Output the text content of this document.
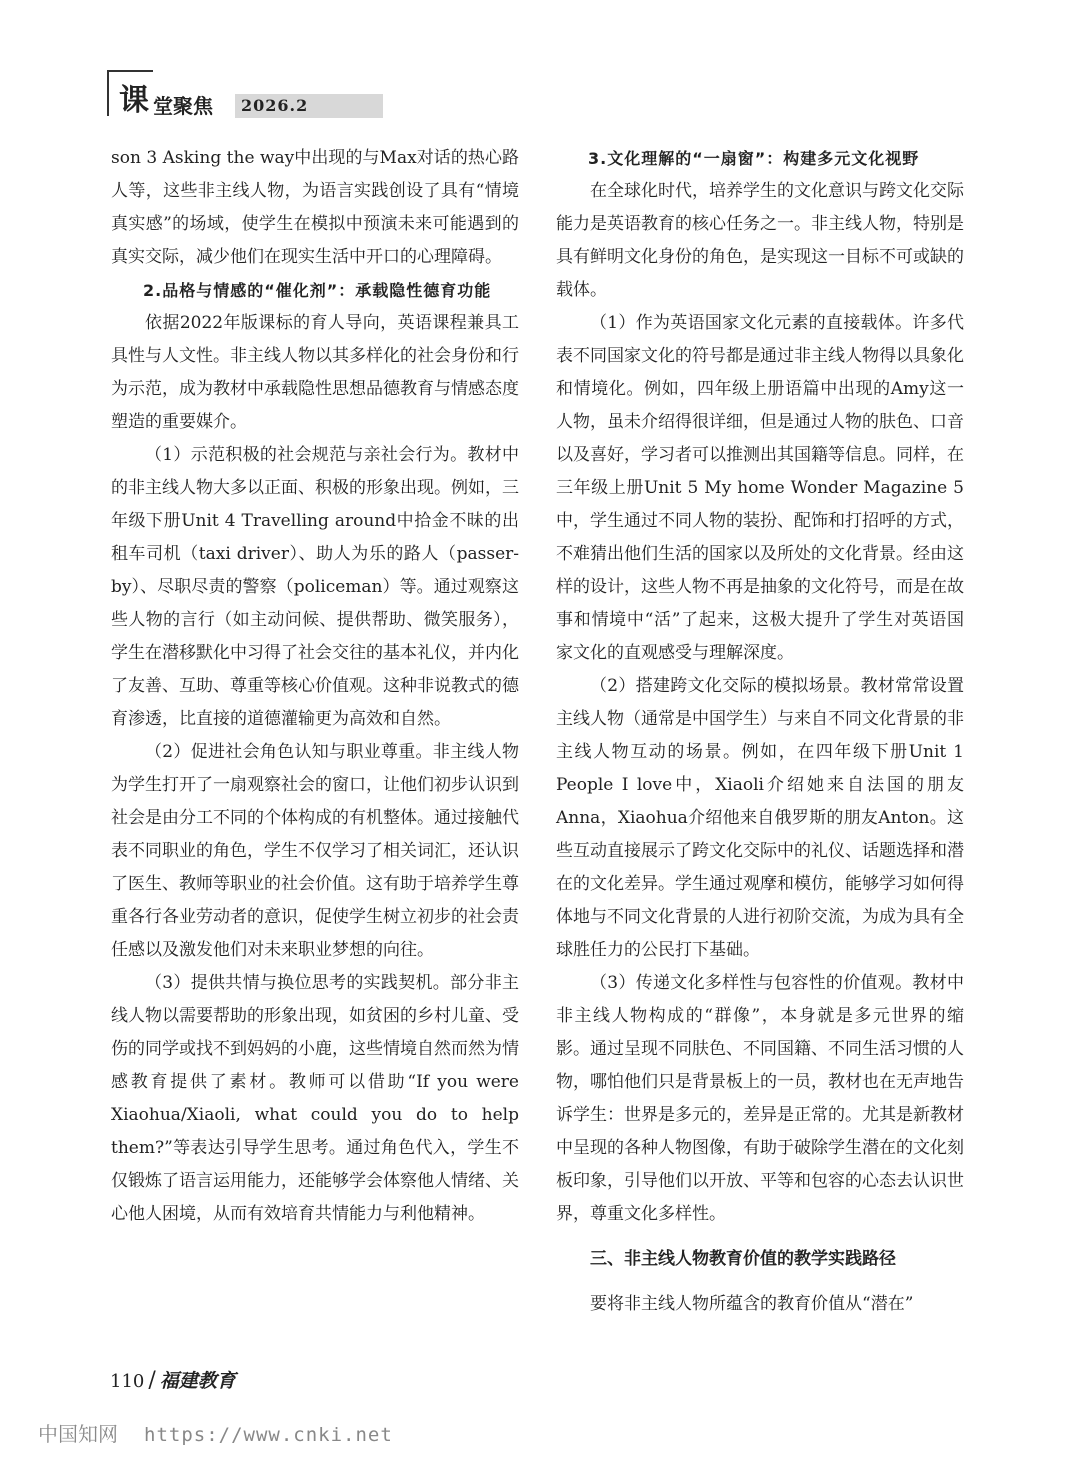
课 堂聚焦	2026.2

son 3 Asking the way中出现的与Max对话的热心路人等，这些非主线人物，为语言实践创设了具有“情境真实感”的场域，使学生在模拟中预演未来可能遇到的真实交际，减少他们在现实生活中开口的心理障碍。

2.品格与情感的“催化剂”：承载隐性德育功能

依据2022年版课标的育人导向，英语课程兼具工具性与人文性。非主线人物以其多样化的社会身份和行为示范，成为教材中承载隐性思想品德教育与情感态度塑造的重要媒介。

（1）示范积极的社会规范与亲社会行为。教材中的非主线人物大多以正面、积极的形象出现。例如，三年级下册Unit 4 Travelling around中拾金不昧的出租车司机（taxi driver）、助人为乐的路人（passer-by）、尽职尽责的警察（policeman）等。通过观察这些人物的言行（如主动问候、提供帮助、微笑服务），学生在潜移默化中习得了社会交往的基本礼仪，并内化了友善、互助、尊重等核心价值观。这种非说教式的德育渗透，比直接的道德灌输更为高效和自然。

（2）促进社会角色认知与职业尊重。非主线人物为学生打开了一扇观察社会的窗口，让他们初步认识到社会是由分工不同的个体构成的有机整体。通过接触代表不同职业的角色，学生不仅学习了相关词汇，还认识了医生、教师等职业的社会价值。这有助于培养学生尊重各行各业劳动者的意识，促使学生树立初步的社会责任感以及激发他们对未来职业梦想的向往。

（3）提供共情与换位思考的实践契机。部分非主线人物以需要帮助的形象出现，如贫困的乡村儿童、受伤的同学或找不到妈妈的小鹿，这些情境自然而然为情感教育提供了素材。教师可以借助“If you were Xiaohua/Xiaoli, what could you do to help them?”等表达引导学生思考。通过角色代入，学生不仅锻炼了语言运用能力，还能够学会体察他人情绪、关心他人困境，从而有效培育共情能力与利他精神。

3.文化理解的“一扇窗”：构建多元文化视野

在全球化时代，培养学生的文化意识与跨文化交际能力是英语教育的核心任务之一。非主线人物，特别是具有鲜明文化身份的角色，是实现这一目标不可或缺的载体。

（1）作为英语国家文化元素的直接载体。许多代表不同国家文化的符号都是通过非主线人物得以具象化和情境化。例如，四年级上册语篇中出现的Amy这一人物，虽未介绍得很详细，但是通过人物的肤色、口音以及喜好，学习者可以推测出其国籍等信息。同样，在三年级上册Unit 5 My home Wonder Magazine 5中，学生通过不同人物的装扮、配饰和打招呼的方式，不难猜出他们生活的国家以及所处的文化背景。经由这样的设计，这些人物不再是抽象的文化符号，而是在故事和情境中“活”了起来，这极大提升了学生对英语国家文化的直观感受与理解深度。

（2）搭建跨文化交际的模拟场景。教材常常设置主线人物（通常是中国学生）与来自不同文化背景的非主线人物互动的场景。例如，在四年级下册Unit 1 People I love中，Xiaoli介绍她来自法国的朋友Anna，Xiaohua介绍他来自俄罗斯的朋友Anton。这些互动直接展示了跨文化交际中的礼仪、话题选择和潜在的文化差异。学生通过观摩和模仿，能够学习如何得体地与不同文化背景的人进行初阶交流，为成为具有全球胜任力的公民打下基础。

（3）传递文化多样性与包容性的价值观。教材中非主线人物构成的“群像”，本身就是多元世界的缩影。通过呈现不同肤色、不同国籍、不同生活习惯的人物，哪怕他们只是背景板上的一员，教材也在无声地告诉学生：世界是多元的，差异是正常的。尤其是新教材中呈现的各种人物图像，有助于破除学生潜在的文化刻板印象，引导他们以开放、平等和包容的心态去认识世界，尊重文化多样性。

三、非主线人物教育价值的教学实践路径

要将非主线人物所蕴含的教育价值从“潜在”

110 / 福建教育
中国知网 https://www.cnki.net
